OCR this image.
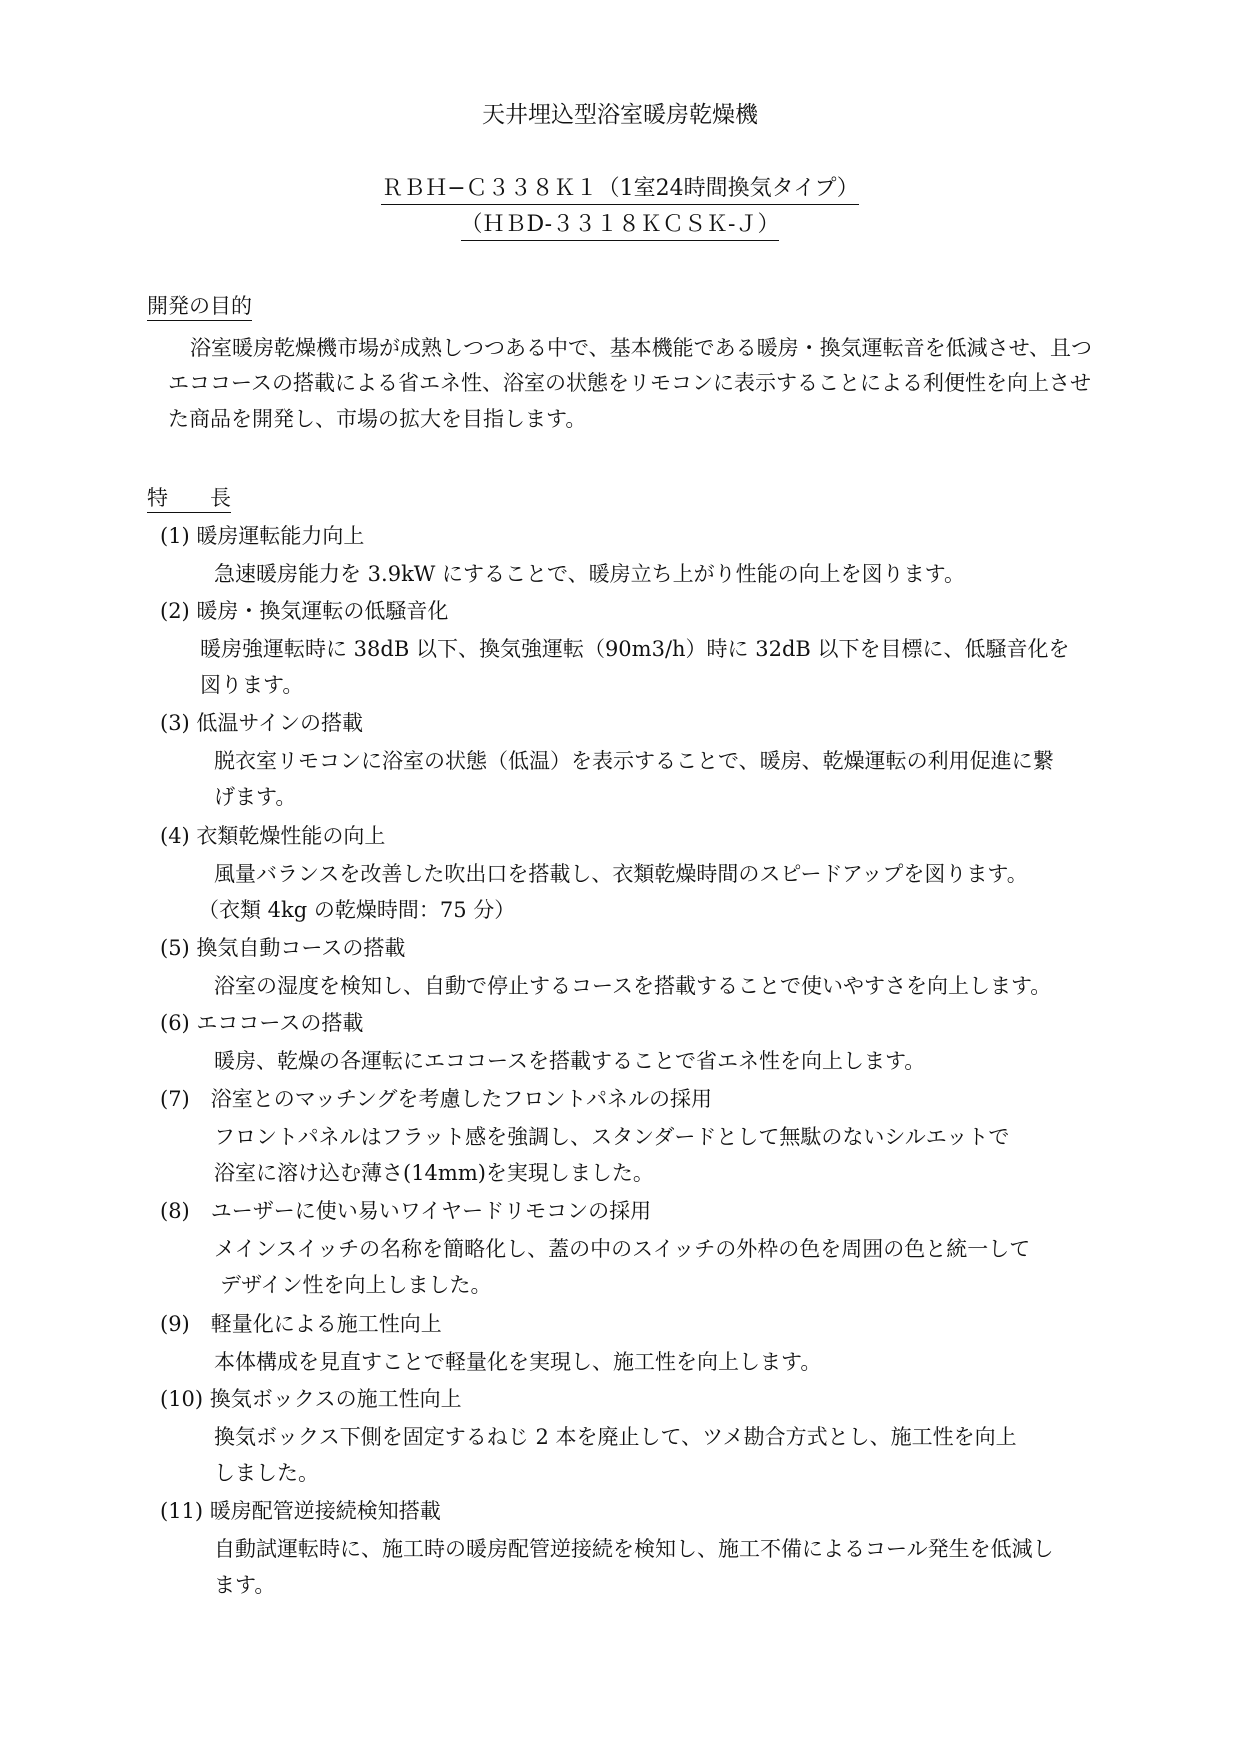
天井埋込型浴室暖房乾燥機
ＲＢＨ−Ｃ３３８Ｋ１（1室24時間換気タイプ）
（ＨＢD-３３１８ＫＣＳＫ-Ｊ）
開発の目的
浴室暖房乾燥機市場が成熟しつつある中で、基本機能である暖房・換気運転音を低減させ、且つ
エココースの搭載による省エネ性、浴室の状態をリモコンに表示することによる利便性を向上させ
た商品を開発し、市場の拡大を目指します。
特　　長
(1) 暖房運転能力向上
急速暖房能力を 3.9kW にすることで、暖房立ち上がり性能の向上を図ります。
(2) 暖房・換気運転の低騒音化
暖房強運転時に 38dB 以下、換気強運転（90m3/h）時に 32dB 以下を目標に、低騒音化を
図ります。
(3) 低温サインの搭載
脱衣室リモコンに浴室の状態（低温）を表示することで、暖房、乾燥運転の利用促進に繋
げます。
(4) 衣類乾燥性能の向上
風量バランスを改善した吹出口を搭載し、衣類乾燥時間のスピードアップを図ります。
（衣類 4kg の乾燥時間：75 分）
(5) 換気自動コースの搭載
浴室の湿度を検知し、自動で停止するコースを搭載することで使いやすさを向上します。
(6) エココースの搭載
暖房、乾燥の各運転にエココースを搭載することで省エネ性を向上します。
(7)　浴室とのマッチングを考慮したフロントパネルの採用
フロントパネルはフラット感を強調し、スタンダードとして無駄のないシルエットで
浴室に溶け込む薄さ(14mm)を実現しました。
(8)　ユーザーに使い易いワイヤードリモコンの採用
メインスイッチの名称を簡略化し、蓋の中のスイッチの外枠の色を周囲の色と統一して
デザイン性を向上しました。
(9)　軽量化による施工性向上
本体構成を見直すことで軽量化を実現し、施工性を向上します。
(10) 換気ボックスの施工性向上
換気ボックス下側を固定するねじ 2 本を廃止して、ツメ勘合方式とし、施工性を向上
しました。
(11) 暖房配管逆接続検知搭載
自動試運転時に、施工時の暖房配管逆接続を検知し、施工不備によるコール発生を低減し
ます。
